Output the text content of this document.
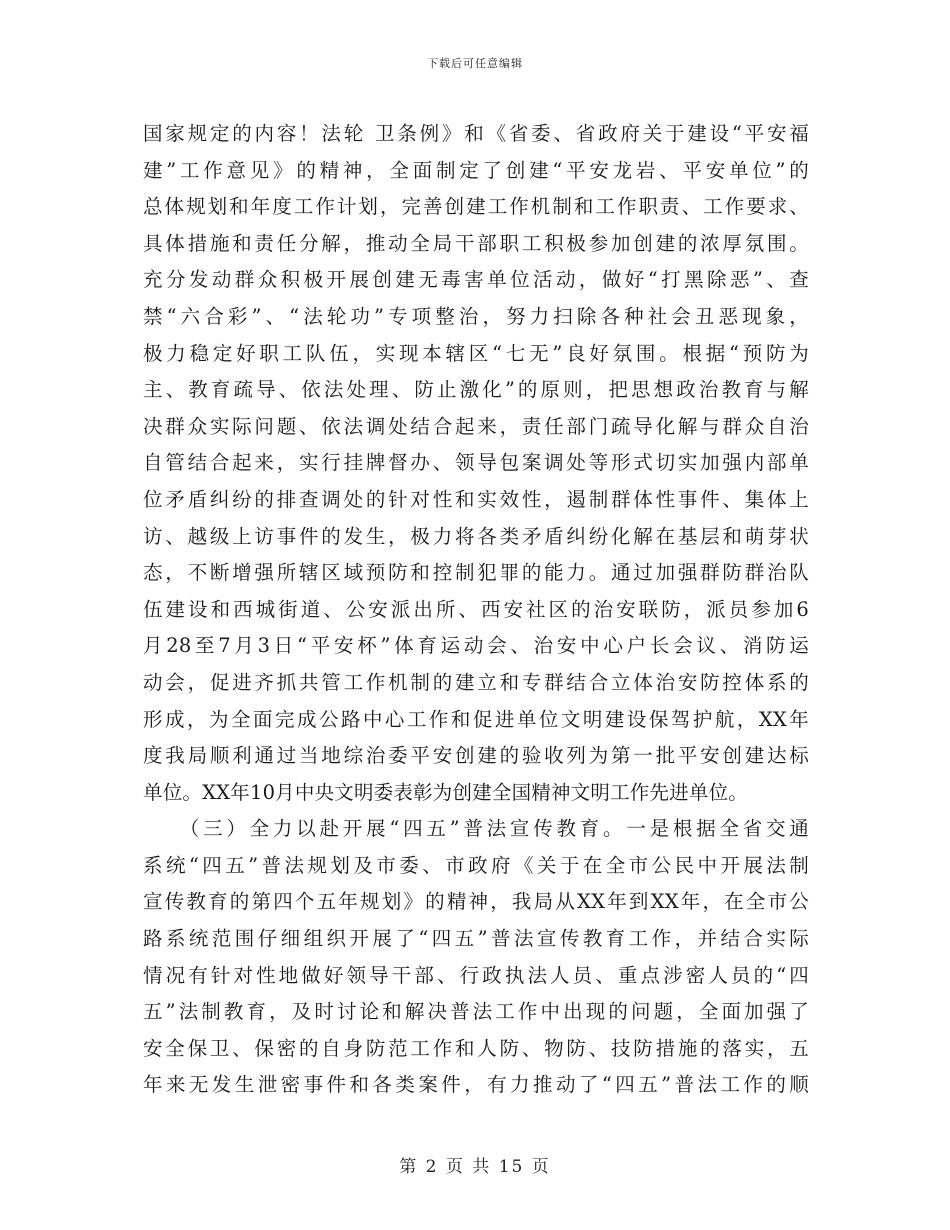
下载后可任意编辑
国家规定的内容！法轮 卫条例》和《省委、省政府关于建设“平安福
建”工作意见》的精神，全面制定了创建“平安龙岩、平安单位”的
总体规划和年度工作计划，完善创建工作机制和工作职责、工作要求、
具体措施和责任分解，推动全局干部职工积极参加创建的浓厚氛围。
充分发动群众积极开展创建无毒害单位活动，做好“打黑除恶”、查
禁“六合彩”、“法轮功”专项整治，努力扫除各种社会丑恶现象，
极力稳定好职工队伍，实现本辖区“七无”良好氛围。根据“预防为
主、教育疏导、依法处理、防止激化”的原则，把思想政治教育与解
决群众实际问题、依法调处结合起来，责任部门疏导化解与群众自治
自管结合起来，实行挂牌督办、领导包案调处等形式切实加强内部单
位矛盾纠纷的排查调处的针对性和实效性，遏制群体性事件、集体上
访、越级上访事件的发生，极力将各类矛盾纠纷化解在基层和萌芽状
态，不断增强所辖区域预防和控制犯罪的能力。通过加强群防群治队
伍建设和西城街道、公安派出所、西安社区的治安联防，派员参加6
月28至7月3日“平安杯”体育运动会、治安中心户长会议、消防运
动会，促进齐抓共管工作机制的建立和专群结合立体治安防控体系的
形成，为全面完成公路中心工作和促进单位文明建设保驾护航，XX年
度我局顺利通过当地综治委平安创建的验收列为第一批平安创建达标
单位。XX年10月中央文明委表彰为创建全国精神文明工作先进单位。
　　（三）全力以赴开展“四五”普法宣传教育。一是根据全省交通
系统“四五”普法规划及市委、市政府《关于在全市公民中开展法制
宣传教育的第四个五年规划》的精神，我局从XX年到XX年，在全市公
路系统范围仔细组织开展了“四五”普法宣传教育工作，并结合实际
情况有针对性地做好领导干部、行政执法人员、重点涉密人员的“四
五”法制教育，及时讨论和解决普法工作中出现的问题，全面加强了
安全保卫、保密的自身防范工作和人防、物防、技防措施的落实，五
年来无发生泄密事件和各类案件，有力推动了“四五”普法工作的顺
第 2 页 共 15 页
